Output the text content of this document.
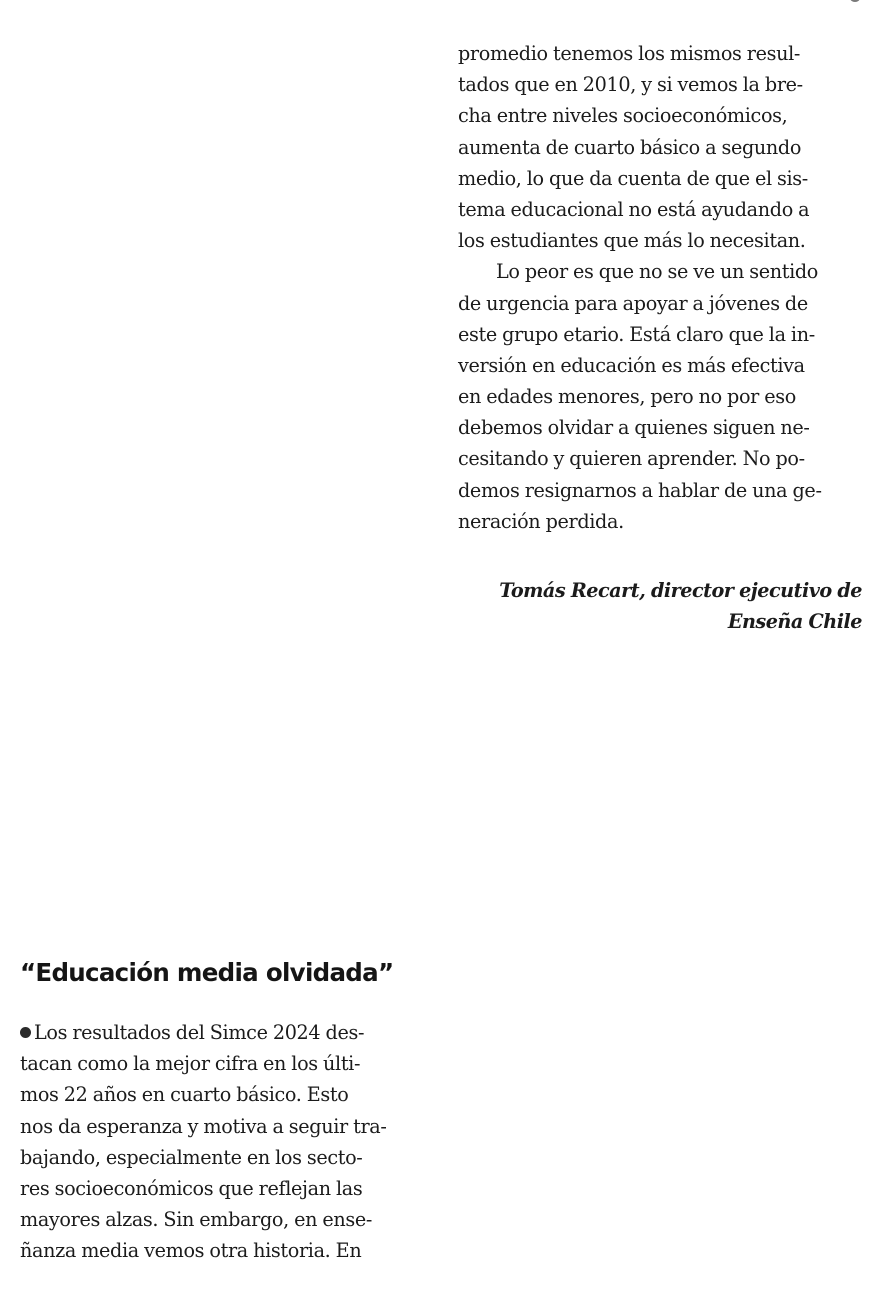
promedio tenemos los mismos resul-
tados que en 2010, y si vemos la bre-
cha entre niveles socioeconómicos,
aumenta de cuarto básico a segundo
medio, lo que da cuenta de que el sis-
tema educacional no está ayudando a
los estudiantes que más lo necesitan.
Lo peor es que no se ve un sentido
de urgencia para apoyar a jóvenes de
este grupo etario. Está claro que la in-
versión en educación es más efectiva
en edades menores, pero no por eso
debemos olvidar a quienes siguen ne-
cesitando y quieren aprender. No po-
demos resignarnos a hablar de una ge-
neración perdida.
Tomás Recart, director ejecutivo de
Enseña Chile
“Educación media olvidada”
Los resultados del Simce 2024 des-
tacan como la mejor cifra en los últi-
mos 22 años en cuarto básico. Esto
nos da esperanza y motiva a seguir tra-
bajando, especialmente en los secto-
res socioeconómicos que reflejan las
mayores alzas. Sin embargo, en ense-
ñanza media vemos otra historia. En
